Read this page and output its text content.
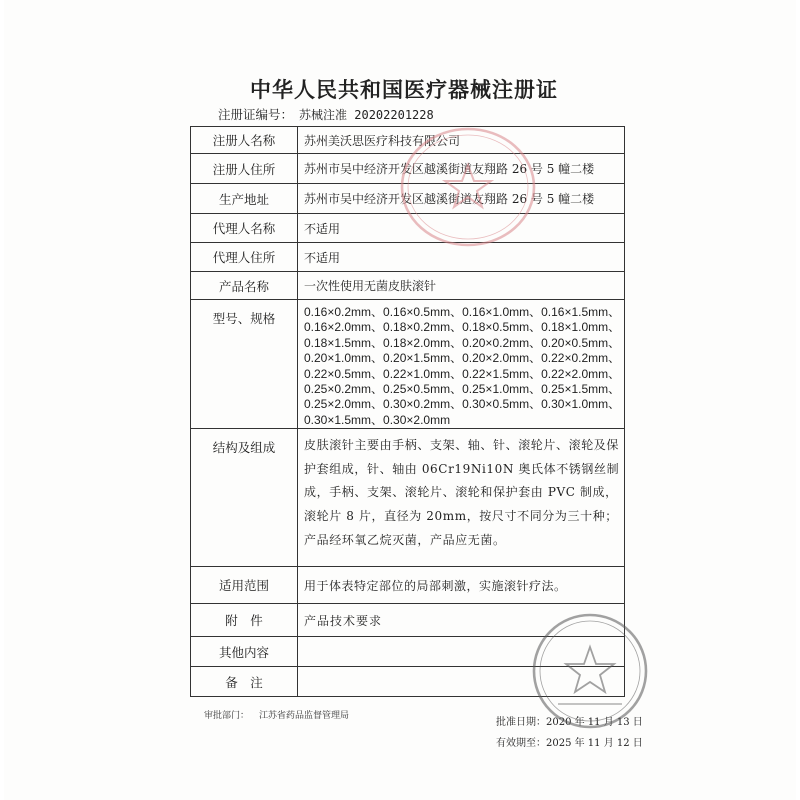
中华人民共和国医疗器械注册证
注册证编号： 苏械注准 20202201228
注册人名称	苏州美沃思医疗科技有限公司
注册人住所	苏州市吴中经济开发区越溪街道友翔路 26 号 5 幢二楼
生产地址	苏州市吴中经济开发区越溪街道友翔路 26 号 5 幢二楼
代理人名称	不适用
代理人住所	不适用
产品名称	一次性使用无菌皮肤滚针
型号、规格	0.16×0.2mm、0.16×0.5mm、0.16×1.0mm、0.16×1.5mm、0.16×2.0mm、0.18×0.2mm、0.18×0.5mm、0.18×1.0mm、0.18×1.5mm、0.18×2.0mm、0.20×0.2mm、0.20×0.5mm、0.20×1.0mm、0.20×1.5mm、0.20×2.0mm、0.22×0.2mm、0.22×0.5mm、0.22×1.0mm、0.22×1.5mm、0.22×2.0mm、0.25×0.2mm、0.25×0.5mm、0.25×1.0mm、0.25×1.5mm、0.25×2.0mm、0.30×0.2mm、0.30×0.5mm、0.30×1.0mm、0.30×1.5mm、0.30×2.0mm
结构及组成	皮肤滚针主要由手柄、支架、轴、针、滚轮片、滚轮及保护套组成，针、轴由 06Cr19Ni10N 奥氏体不锈钢丝制成，手柄、支架、滚轮片、滚轮和保护套由 PVC 制成，滚轮片 8 片，直径为 20mm，按尺寸不同分为三十种；产品经环氧乙烷灭菌，产品应无菌。
适用范围	用于体表特定部位的局部刺激，实施滚针疗法。
附　件	产品技术要求
其他内容	
备　注	
审批部门： 江苏省药品监督管理局
批准日期：2020 年 11 月 13 日
有效期至：2025 年 11 月 12 日
